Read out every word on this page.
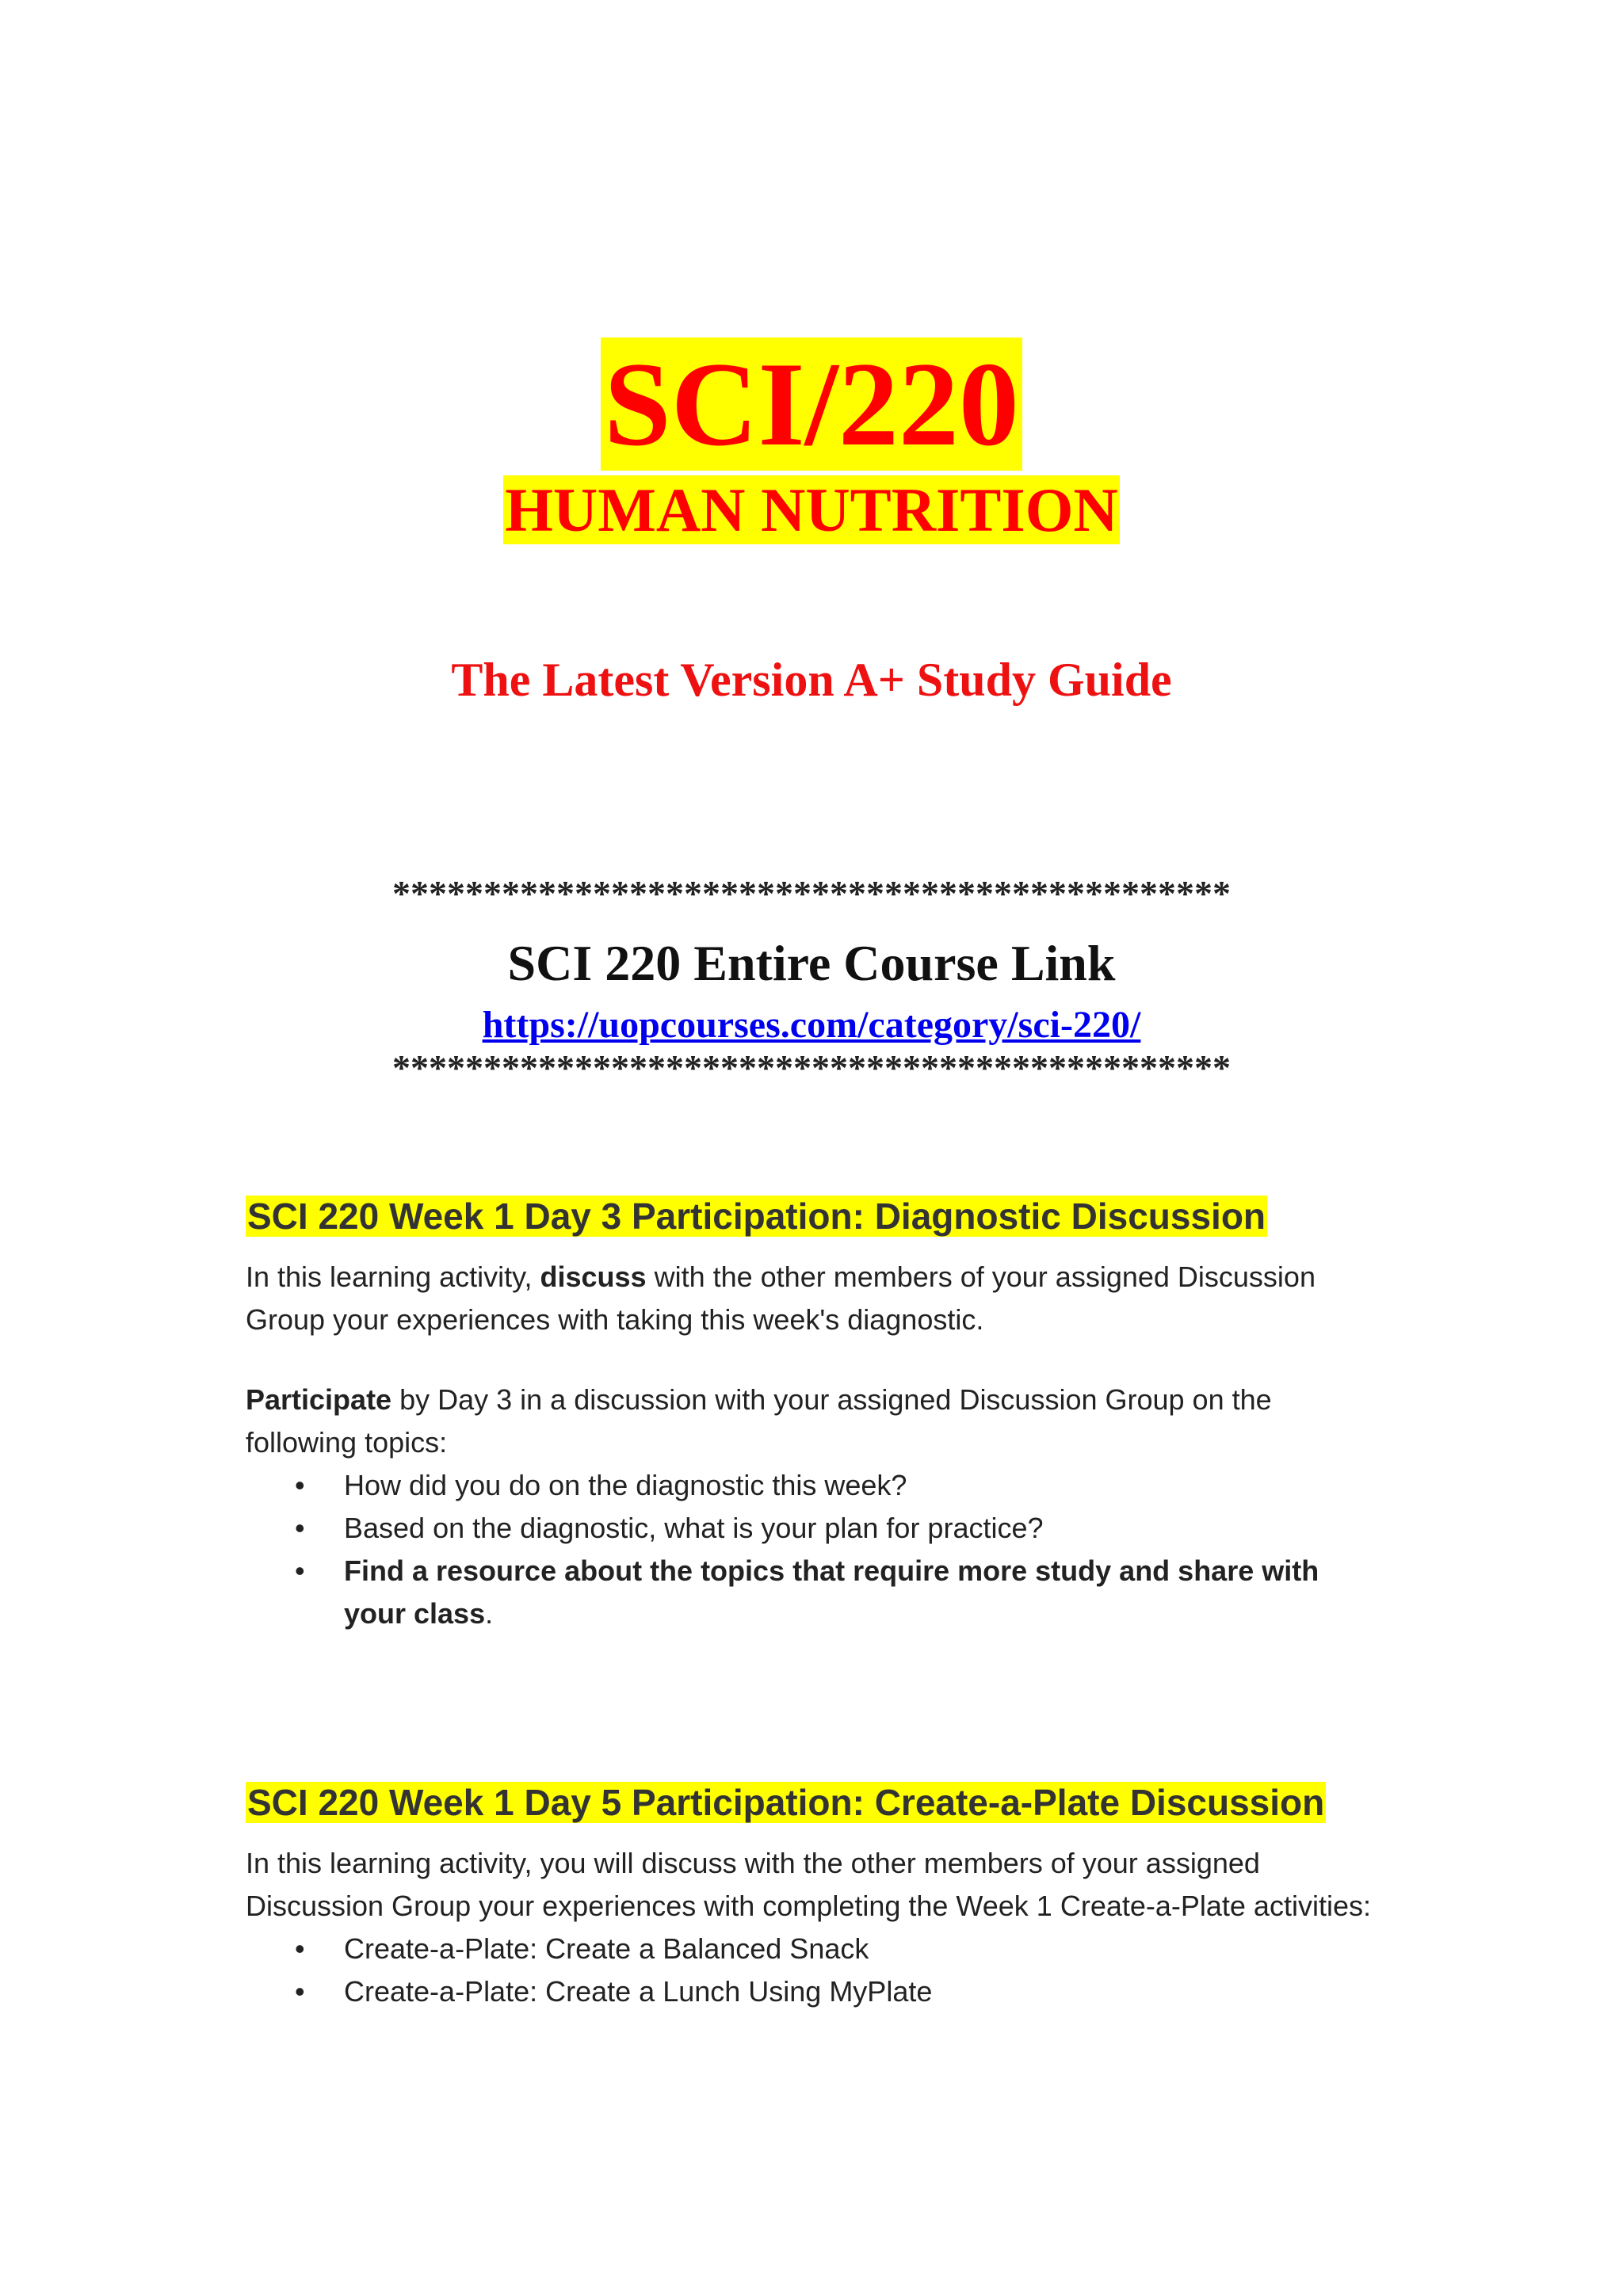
SCI/220
HUMAN NUTRITION
The Latest Version A+ Study Guide
**********************************************
SCI 220 Entire Course Link
https://uopcourses.com/category/sci-220/
**********************************************
SCI 220 Week 1 Day 3 Participation: Diagnostic Discussion

In this learning activity, discuss with the other members of your assigned Discussion Group your experiences with taking this week's diagnostic.

Participate by Day 3 in a discussion with your assigned Discussion Group on the following topics:

• How did you do on the diagnostic this week?
• Based on the diagnostic, what is your plan for practice?
• Find a resource about the topics that require more study and share with your class.
SCI 220 Week 1 Day 5 Participation: Create-a-Plate Discussion

In this learning activity, you will discuss with the other members of your assigned Discussion Group your experiences with completing the Week 1 Create-a-Plate activities:

• Create-a-Plate: Create a Balanced Snack
• Create-a-Plate: Create a Lunch Using MyPlate
